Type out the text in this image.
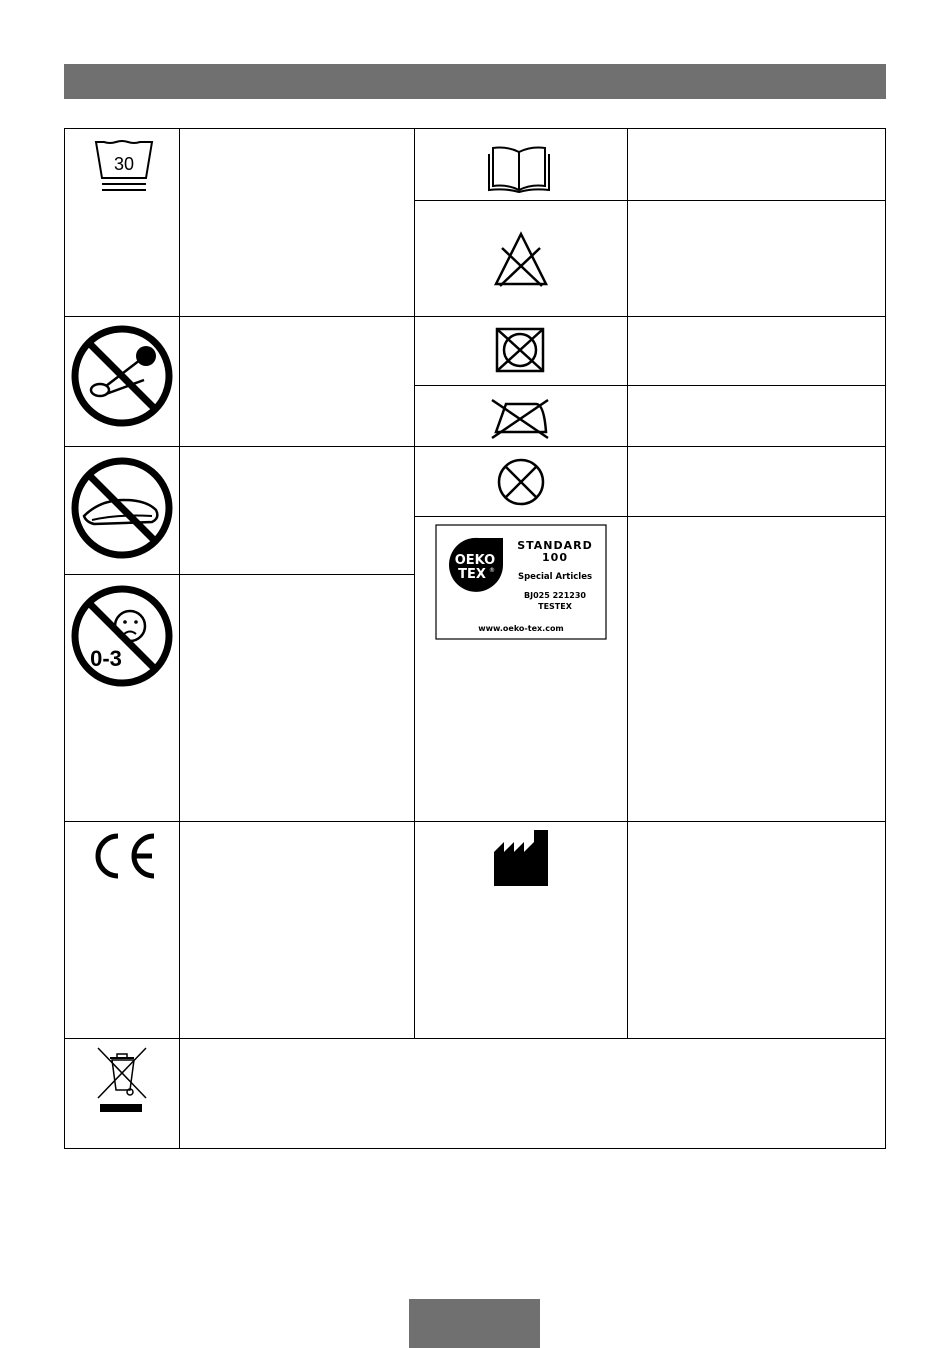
30
0-3
OEKO
TEX ®
STANDARD
100
Special Articles
BJ025 221230
TESTEX
www.oeko-tex.com
